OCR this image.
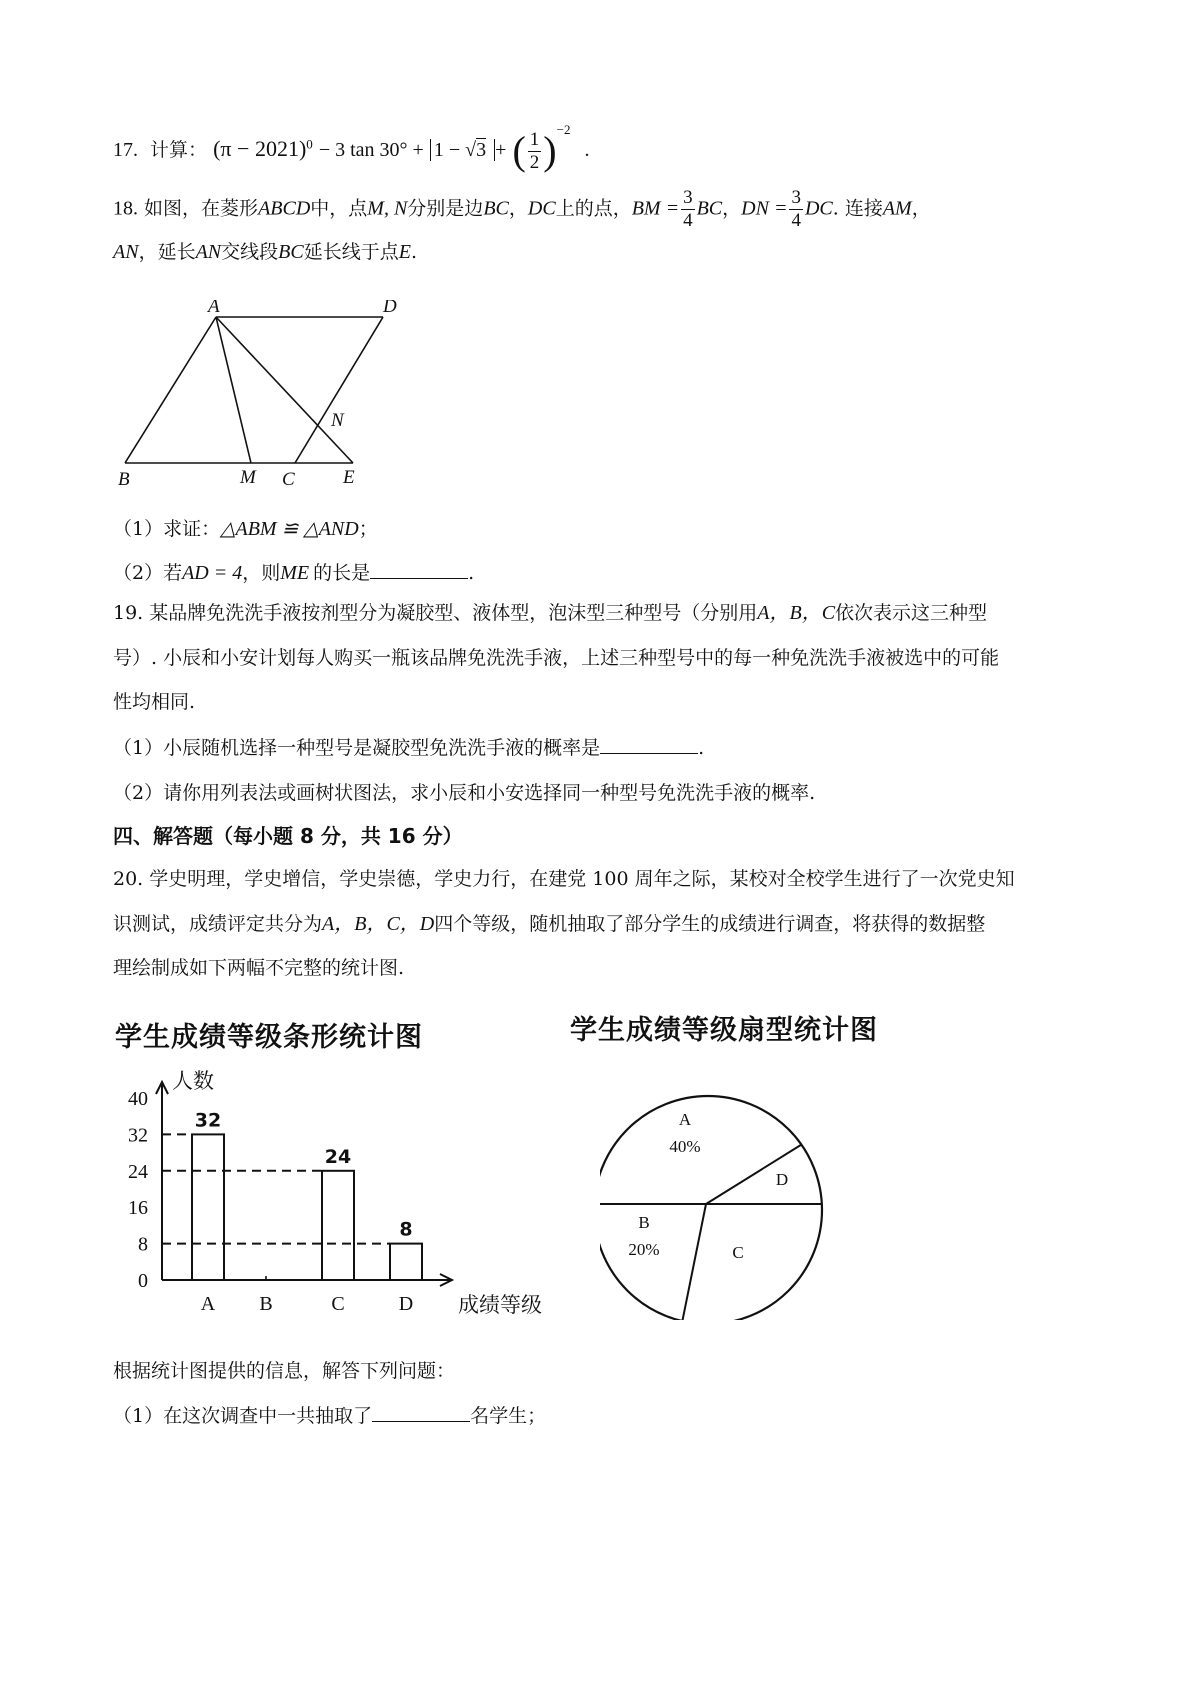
17. 计算： $(\pi - 2021)^0 - 3$ tan 30° + 1 − √3 + ( $\frac{1}{2} )^{-2}$ .
18. 如图，在菱形ABCD中，点M, N分别是边BC，DC上的点，BM = $\frac{3}{4}$ BC，DN = $\frac{3}{4}$ DC. 连接AM，
AN，延长AN交线段BC延长线于点E.
A	D
B	M C	E
N
（1）求证：△ABM ≌ △AND；
（2）若AD = 4，则ME 的长是	.
19. 某品牌免洗洗手液按剂型分为凝胶型、液体型，泡沫型三种型号（分别用A，B，C依次表示这三种型
号）. 小辰和小安计划每人购买一瓶该品牌免洗洗手液，上述三种型号中的每一种免洗洗手液被选中的可能
性均相同.
（1）小辰随机选择一种型号是凝胶型免洗洗手液的概率是	.
（2）请你用列表法或画树状图法，求小辰和小安选择同一种型号免洗洗手液的概率.
四、解答题（每小题 8 分，共 16 分）
20. 学史明理，学史增信，学史崇德，学史力行，在建党 100 周年之际，某校对全校学生进行了一次党史知
识测试，成绩评定共分为A，B，C，D四个等级，随机抽取了部分学生的成绩进行调查，将获得的数据整
理绘制成如下两幅不完整的统计图.
学生成绩等级条形统计图	学生成绩等级扇型统计图
人数
0
8
16
24
32
40
A
32
B	C
24
D
8
成绩等级
A
40%
B
20%	C
D
根据统计图提供的信息，解答下列问题：
（1）在这次调查中一共抽取了	名学生；
